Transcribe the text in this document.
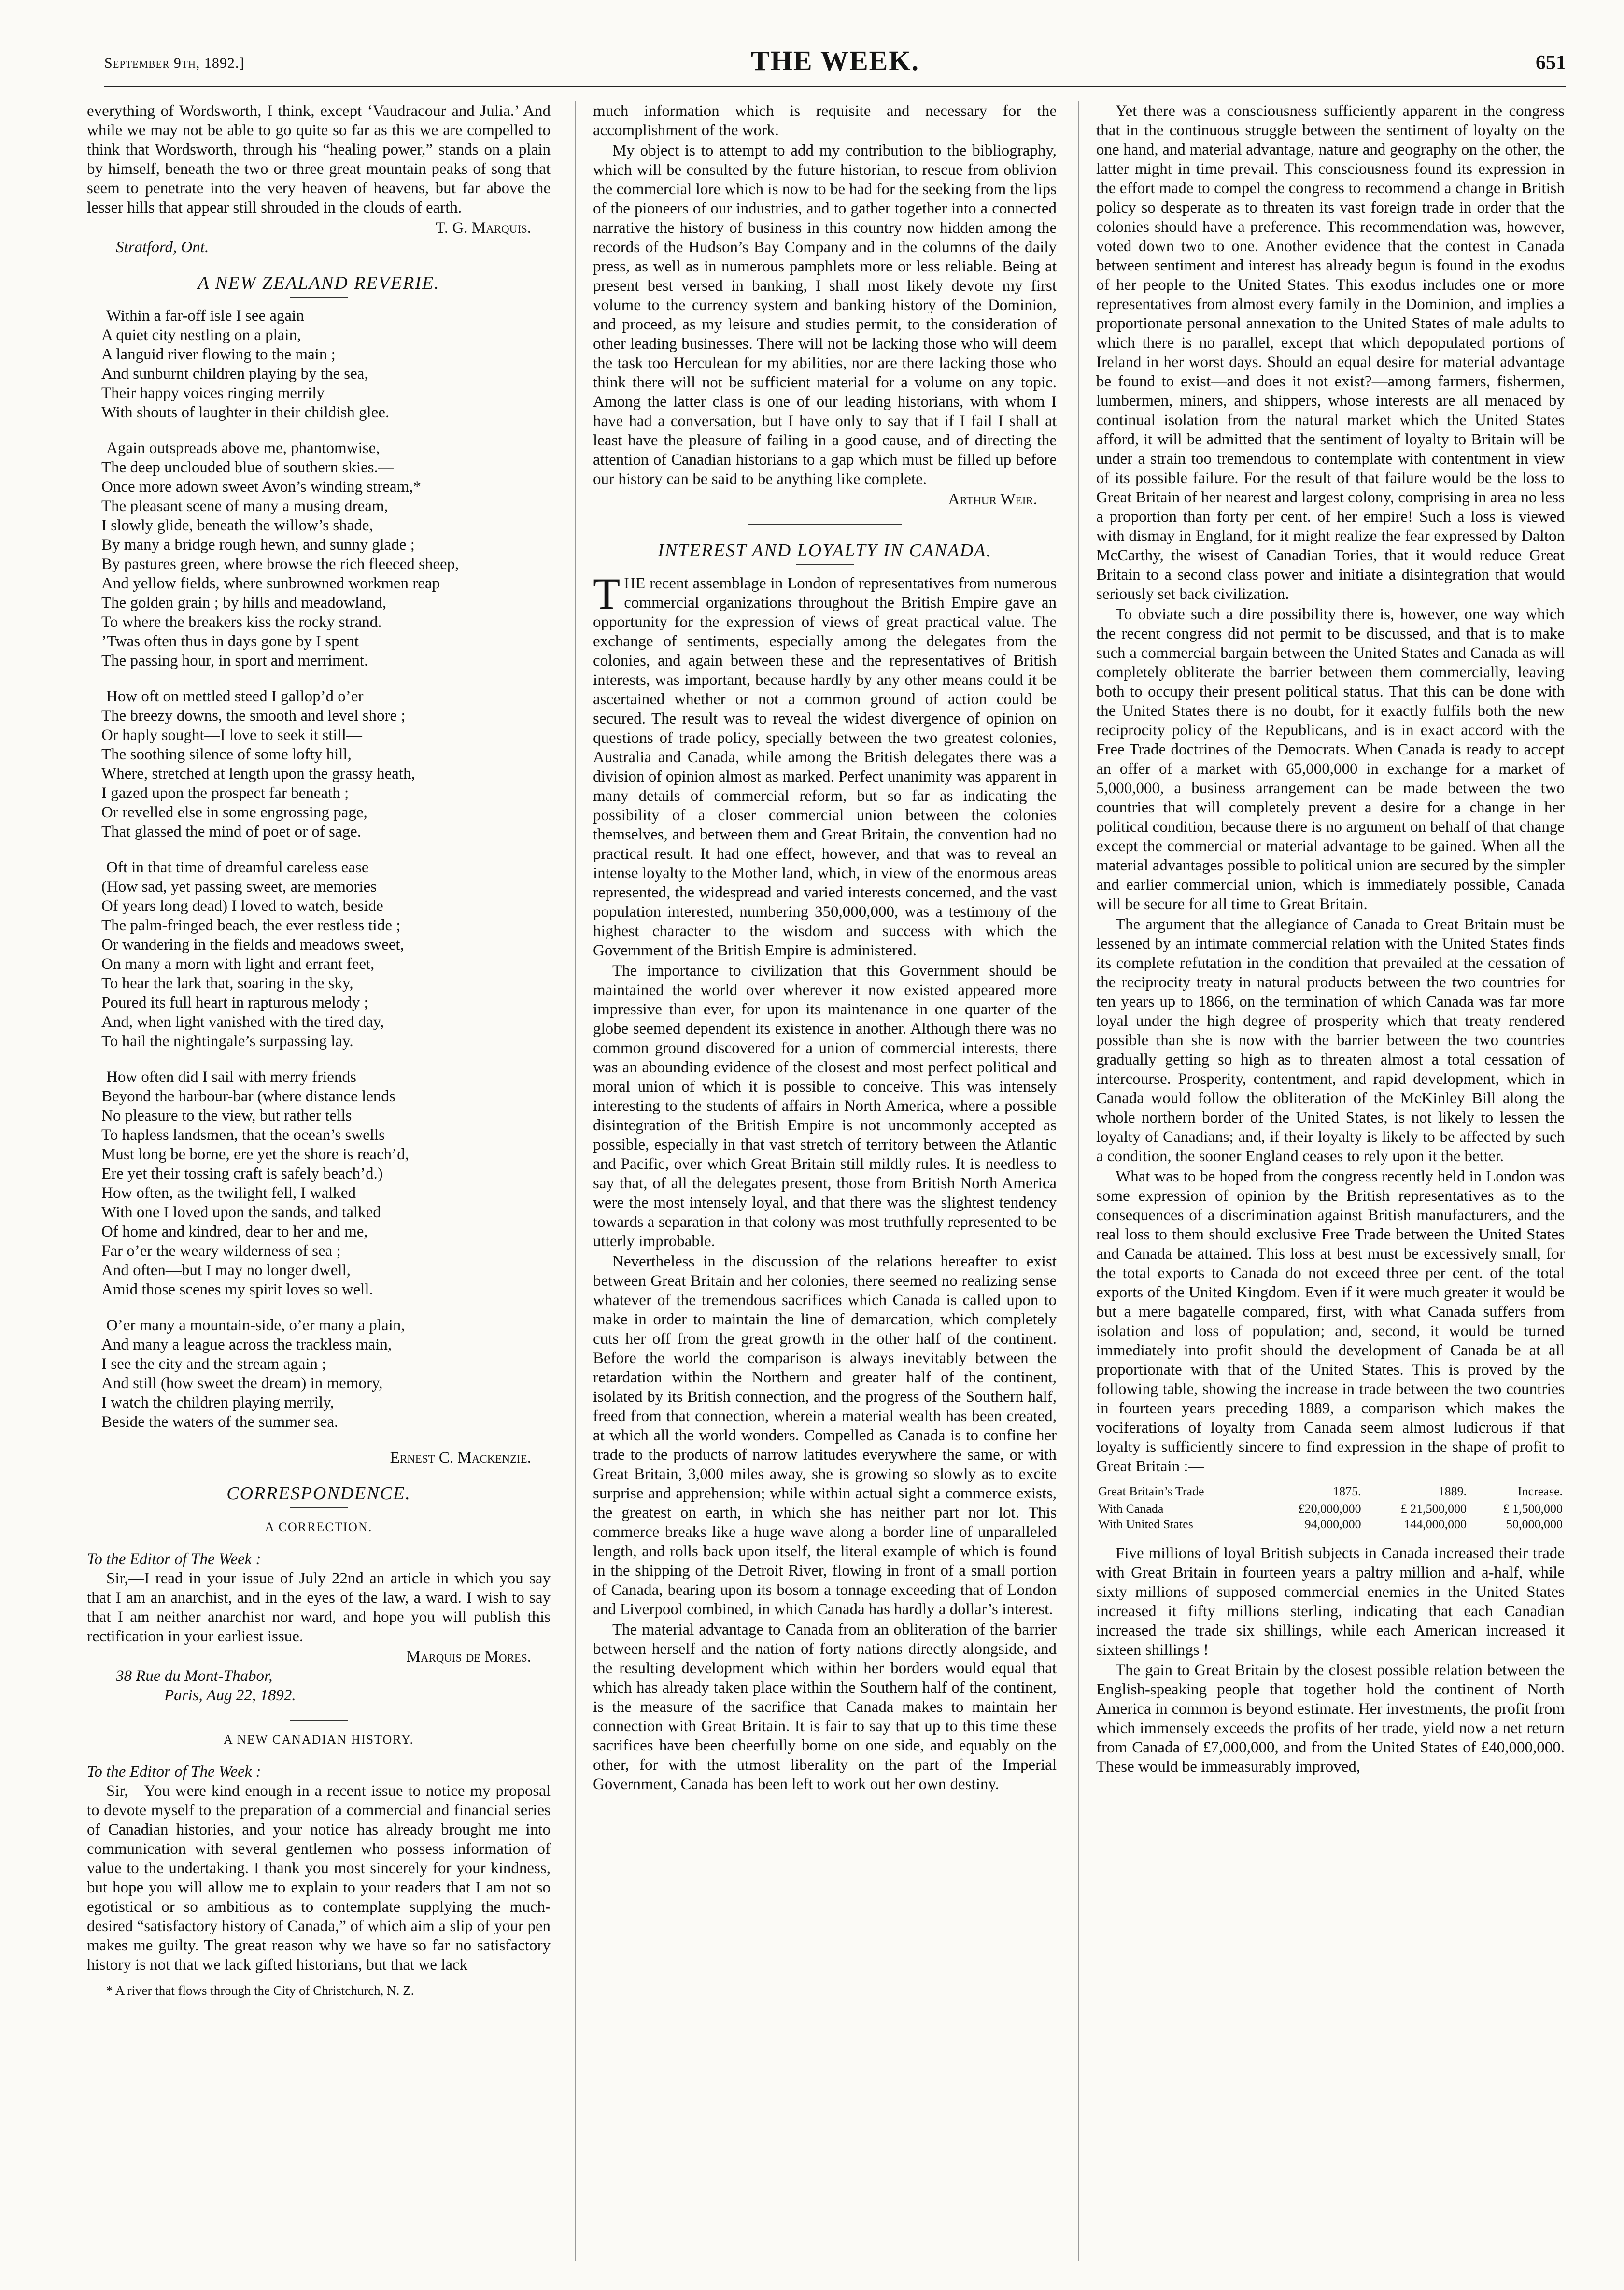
September 9th, 1892.]	THE WEEK.	651

everything of Wordsworth, I think, except ‘Vaudracour and Julia.’ And while we may not be able to go quite so far as this we are compelled to think that Wordsworth, through his “healing power,” stands on a plain by himself, beneath the two or three great mountain peaks of song that seem to penetrate into the very heaven of heavens, but far above the lesser hills that appear still shrouded in the clouds of earth.

T. G. Marquis.
Stratford, Ont.
A NEW ZEALAND REVERIE.
Within a far-off isle I see again
A quiet city nestling on a plain,
A languid river flowing to the main ;
And sunburnt children playing by the sea,
Their happy voices ringing merrily
With shouts of laughter in their childish glee.
Again outspreads above me, phantomwise,
The deep unclouded blue of southern skies.—
Once more adown sweet Avon’s winding stream,*
The pleasant scene of many a musing dream,
I slowly glide, beneath the willow’s shade,
By many a bridge rough hewn, and sunny glade ;
By pastures green, where browse the rich fleeced sheep,
And yellow fields, where sunbrowned workmen reap
The golden grain ; by hills and meadowland,
To where the breakers kiss the rocky strand.
’Twas often thus in days gone by I spent
The passing hour, in sport and merriment.
How oft on mettled steed I gallop’d o’er
The breezy downs, the smooth and level shore ;
Or haply sought—I love to seek it still—
The soothing silence of some lofty hill,
Where, stretched at length upon the grassy heath,
I gazed upon the prospect far beneath ;
Or revelled else in some engrossing page,
That glassed the mind of poet or of sage.
Oft in that time of dreamful careless ease
(How sad, yet passing sweet, are memories
Of years long dead) I loved to watch, beside
The palm-fringed beach, the ever restless tide ;
Or wandering in the fields and meadows sweet,
On many a morn with light and errant feet,
To hear the lark that, soaring in the sky,
Poured its full heart in rapturous melody ;
And, when light vanished with the tired day,
To hail the nightingale’s surpassing lay.
How often did I sail with merry friends
Beyond the harbour-bar (where distance lends
No pleasure to the view, but rather tells
To hapless landsmen, that the ocean’s swells
Must long be borne, ere yet the shore is reach’d,
Ere yet their tossing craft is safely beach’d.)
How often, as the twilight fell, I walked
With one I loved upon the sands, and talked
Of home and kindred, dear to her and me,
Far o’er the weary wilderness of sea ;
And often—but I may no longer dwell,
Amid those scenes my spirit loves so well.
O’er many a mountain-side, o’er many a plain,
And many a league across the trackless main,
I see the city and the stream again ;
And still (how sweet the dream) in memory,
I watch the children playing merrily,
Beside the waters of the summer sea.
Ernest C. Mackenzie.
CORRESPONDENCE.
A CORRECTION.
To the Editor of The Week :

Sir,—I read in your issue of July 22nd an article in which you say that I am an anarchist, and in the eyes of the law, a ward. I wish to say that I am neither anarchist nor ward, and hope you will publish this rectification in your earliest issue.

Marquis de Mores.
38 Rue du Mont-Thabor,
Paris, Aug 22, 1892.
A NEW CANADIAN HISTORY.
To the Editor of The Week :

Sir,—You were kind enough in a recent issue to notice my proposal to devote myself to the preparation of a commercial and financial series of Canadian histories, and your notice has already brought me into communication with several gentlemen who possess information of value to the undertaking. I thank you most sincerely for your kindness, but hope you will allow me to explain to your readers that I am not so egotistical or so ambitious as to contemplate supplying the much-desired “satisfactory history of Canada,” of which aim a slip of your pen makes me guilty. The great reason why we have so far no satisfactory history is not that we lack gifted historians, but that we lack

* A river that flows through the City of Christchurch, N. Z.

much information which is requisite and necessary for the accomplishment of the work.

My object is to attempt to add my contribution to the bibliography, which will be consulted by the future historian, to rescue from oblivion the commercial lore which is now to be had for the seeking from the lips of the pioneers of our industries, and to gather together into a connected narrative the history of business in this country now hidden among the records of the Hudson’s Bay Company and in the columns of the daily press, as well as in numerous pamphlets more or less reliable. Being at present best versed in banking, I shall most likely devote my first volume to the currency system and banking history of the Dominion, and proceed, as my leisure and studies permit, to the consideration of other leading businesses. There will not be lacking those who will deem the task too Herculean for my abilities, nor are there lacking those who think there will not be sufficient material for a volume on any topic. Among the latter class is one of our leading historians, with whom I have had a conversation, but I have only to say that if I fail I shall at least have the pleasure of failing in a good cause, and of directing the attention of Canadian historians to a gap which must be filled up before our history can be said to be anything like complete.

Arthur Weir.
INTEREST AND LOYALTY IN CANADA.

THE recent assemblage in London of representatives from numerous commercial organizations throughout the British Empire gave an opportunity for the expression of views of great practical value. The exchange of sentiments, especially among the delegates from the colonies, and again between these and the representatives of British interests, was important, because hardly by any other means could it be ascertained whether or not a common ground of action could be secured. The result was to reveal the widest divergence of opinion on questions of trade policy, specially between the two greatest colonies, Australia and Canada, while among the British delegates there was a division of opinion almost as marked. Perfect unanimity was apparent in many details of commercial reform, but so far as indicating the possibility of a closer commercial union between the colonies themselves, and between them and Great Britain, the convention had no practical result. It had one effect, however, and that was to reveal an intense loyalty to the Mother land, which, in view of the enormous areas represented, the widespread and varied interests concerned, and the vast population interested, numbering 350,000,000, was a testimony of the highest character to the wisdom and success with which the Government of the British Empire is administered.

The importance to civilization that this Government should be maintained the world over wherever it now existed appeared more impressive than ever, for upon its maintenance in one quarter of the globe seemed dependent its existence in another. Although there was no common ground discovered for a union of commercial interests, there was an abounding evidence of the closest and most perfect political and moral union of which it is possible to conceive. This was intensely interesting to the students of affairs in North America, where a possible disintegration of the British Empire is not uncommonly accepted as possible, especially in that vast stretch of territory between the Atlantic and Pacific, over which Great Britain still mildly rules. It is needless to say that, of all the delegates present, those from British North America were the most intensely loyal, and that there was the slightest tendency towards a separation in that colony was most truthfully represented to be utterly improbable.

Nevertheless in the discussion of the relations hereafter to exist between Great Britain and her colonies, there seemed no realizing sense whatever of the tremendous sacrifices which Canada is called upon to make in order to maintain the line of demarcation, which completely cuts her off from the great growth in the other half of the continent. Before the world the comparison is always inevitably between the retardation within the Northern and greater half of the continent, isolated by its British connection, and the progress of the Southern half, freed from that connection, wherein a material wealth has been created, at which all the world wonders. Compelled as Canada is to confine her trade to the products of narrow latitudes everywhere the same, or with Great Britain, 3,000 miles away, she is growing so slowly as to excite surprise and apprehension; while within actual sight a commerce exists, the greatest on earth, in which she has neither part nor lot. This commerce breaks like a huge wave along a border line of unparalleled length, and rolls back upon itself, the literal example of which is found in the shipping of the Detroit River, flowing in front of a small portion of Canada, bearing upon its bosom a tonnage exceeding that of London and Liverpool combined, in which Canada has hardly a dollar’s interest.

The material advantage to Canada from an obliteration of the barrier between herself and the nation of forty nations directly alongside, and the resulting development which within her borders would equal that which has already taken place within the Southern half of the continent, is the measure of the sacrifice that Canada makes to maintain her connection with Great Britain. It is fair to say that up to this time these sacrifices have been cheerfully borne on one side, and equably on the other, for with the utmost liberality on the part of the Imperial Government, Canada has been left to work out her own destiny.

Yet there was a consciousness sufficiently apparent in the congress that in the continuous struggle between the sentiment of loyalty on the one hand, and material advantage, nature and geography on the other, the latter might in time prevail. This consciousness found its expression in the effort made to compel the congress to recommend a change in British policy so desperate as to threaten its vast foreign trade in order that the colonies should have a preference. This recommendation was, however, voted down two to one. Another evidence that the contest in Canada between sentiment and interest has already begun is found in the exodus of her people to the United States. This exodus includes one or more representatives from almost every family in the Dominion, and implies a proportionate personal annexation to the United States of male adults to which there is no parallel, except that which depopulated portions of Ireland in her worst days. Should an equal desire for material advantage be found to exist—and does it not exist?—among farmers, fishermen, lumbermen, miners, and shippers, whose interests are all menaced by continual isolation from the natural market which the United States afford, it will be admitted that the sentiment of loyalty to Britain will be under a strain too tremendous to contemplate with contentment in view of its possible failure. For the result of that failure would be the loss to Great Britain of her nearest and largest colony, comprising in area no less a proportion than forty per cent. of her empire! Such a loss is viewed with dismay in England, for it might realize the fear expressed by Dalton McCarthy, the wisest of Canadian Tories, that it would reduce Great Britain to a second class power and initiate a disintegration that would seriously set back civilization.

To obviate such a dire possibility there is, however, one way which the recent congress did not permit to be discussed, and that is to make such a commercial bargain between the United States and Canada as will completely obliterate the barrier between them commercially, leaving both to occupy their present political status. That this can be done with the United States there is no doubt, for it exactly fulfils both the new reciprocity policy of the Republicans, and is in exact accord with the Free Trade doctrines of the Democrats. When Canada is ready to accept an offer of a market with 65,000,000 in exchange for a market of 5,000,000, a business arrangement can be made between the two countries that will completely prevent a desire for a change in her political condition, because there is no argument on behalf of that change except the commercial or material advantage to be gained. When all the material advantages possible to political union are secured by the simpler and earlier commercial union, which is immediately possible, Canada will be secure for all time to Great Britain.

The argument that the allegiance of Canada to Great Britain must be lessened by an intimate commercial relation with the United States finds its complete refutation in the condition that prevailed at the cessation of the reciprocity treaty in natural products between the two countries for ten years up to 1866, on the termination of which Canada was far more loyal under the high degree of prosperity which that treaty rendered possible than she is now with the barrier between the two countries gradually getting so high as to threaten almost a total cessation of intercourse. Prosperity, contentment, and rapid development, which in Canada would follow the obliteration of the McKinley Bill along the whole northern border of the United States, is not likely to lessen the loyalty of Canadians; and, if their loyalty is likely to be affected by such a condition, the sooner England ceases to rely upon it the better.

What was to be hoped from the congress recently held in London was some expression of opinion by the British representatives as to the consequences of a discrimination against British manufacturers, and the real loss to them should exclusive Free Trade between the United States and Canada be attained. This loss at best must be excessively small, for the total exports to Canada do not exceed three per cent. of the total exports of the United Kingdom. Even if it were much greater it would be but a mere bagatelle compared, first, with what Canada suffers from isolation and loss of population; and, second, it would be turned immediately into profit should the development of Canada be at all proportionate with that of the United States. This is proved by the following table, showing the increase in trade between the two countries in fourteen years preceding 1889, a comparison which makes the vociferations of loyalty from Canada seem almost ludicrous if that loyalty is sufficiently sincere to find expression in the shape of profit to Great Britain :—

Great Britain’s Trade	1875.	1889.	Increase.
With Canada	£20,000,000	£ 21,500,000	£ 1,500,000
With United States	94,000,000	144,000,000	50,000,000

Five millions of loyal British subjects in Canada increased their trade with Great Britain in fourteen years a paltry million and a-half, while sixty millions of supposed commercial enemies in the United States increased it fifty millions sterling, indicating that each Canadian increased the trade six shillings, while each American increased it sixteen shillings !

The gain to Great Britain by the closest possible relation between the English-speaking people that together hold the continent of North America in common is beyond estimate. Her investments, the profit from which immensely exceeds the profits of her trade, yield now a net return from Canada of £7,000,000, and from the United States of £40,000,000. These would be immeasurably improved,
